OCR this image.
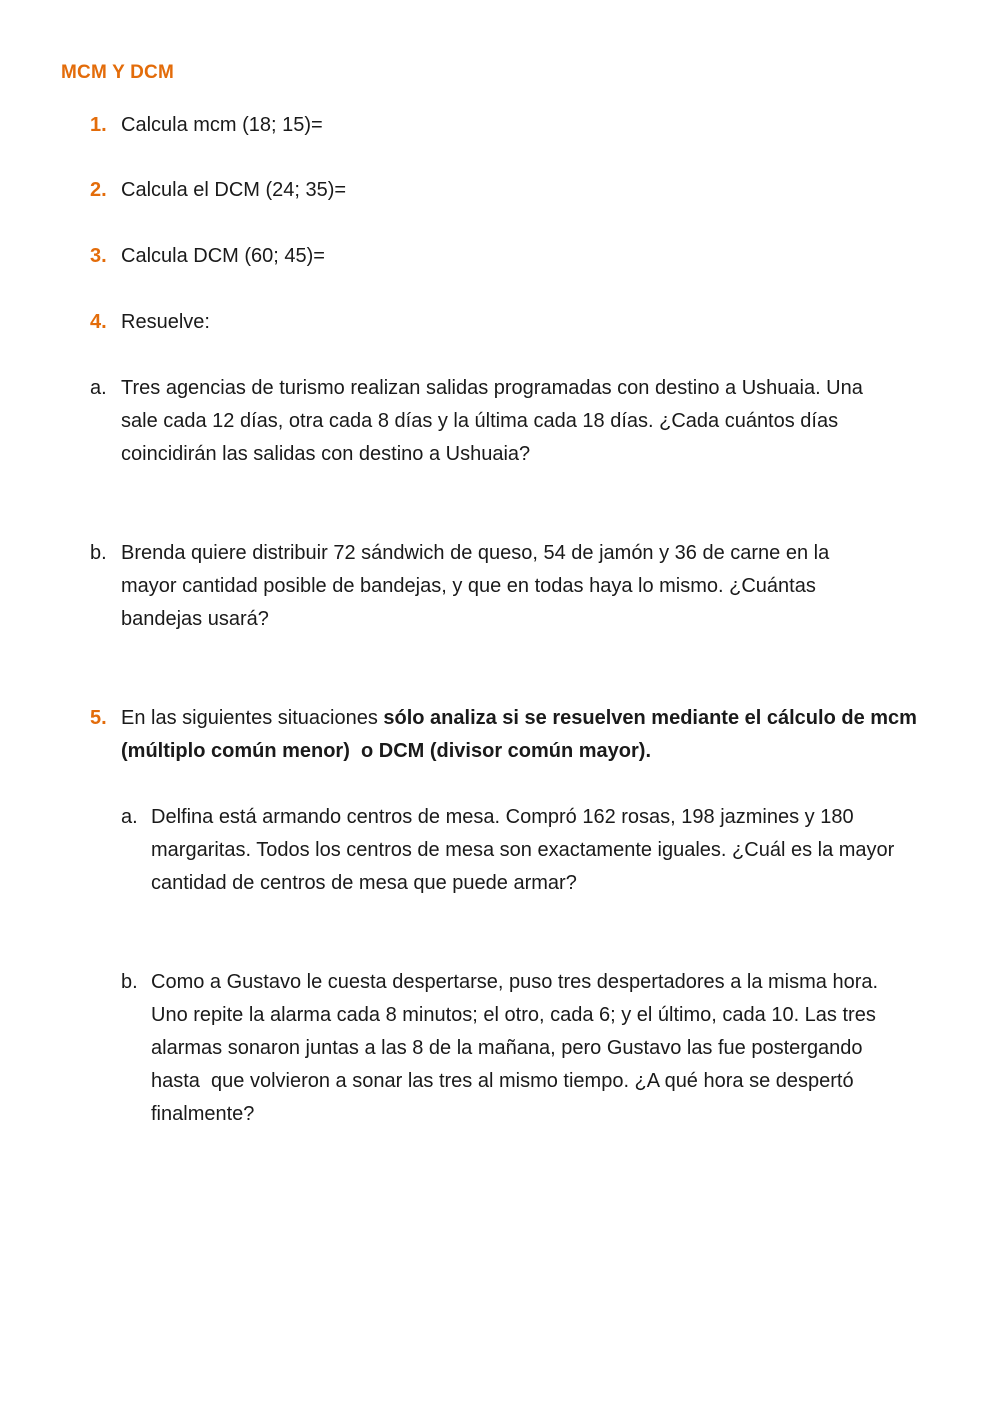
MCM Y DCM
1. Calcula mcm (18; 15)=
2. Calcula el DCM (24; 35)=
3. Calcula DCM (60; 45)=
4. Resuelve:
a. Tres agencias de turismo realizan salidas programadas con destino a Ushuaia. Una
sale cada 12 días, otra cada 8 días y la última cada 18 días. ¿Cada cuántos días
coincidirán las salidas con destino a Ushuaia?
b. Brenda quiere distribuir 72 sándwich de queso, 54 de jamón y 36 de carne en la
mayor cantidad posible de bandejas, y que en todas haya lo mismo. ¿Cuántas
bandejas usará?
5. En las siguientes situaciones sólo analiza si se resuelven mediante el cálculo de mcm
(múltiplo común menor)  o DCM (divisor común mayor).
a. Delfina está armando centros de mesa. Compró 162 rosas, 198 jazmines y 180
margaritas. Todos los centros de mesa son exactamente iguales. ¿Cuál es la mayor
cantidad de centros de mesa que puede armar?
b. Como a Gustavo le cuesta despertarse, puso tres despertadores a la misma hora.
Uno repite la alarma cada 8 minutos; el otro, cada 6; y el último, cada 10. Las tres
alarmas sonaron juntas a las 8 de la mañana, pero Gustavo las fue postergando
hasta  que volvieron a sonar las tres al mismo tiempo. ¿A qué hora se despertó
finalmente?
